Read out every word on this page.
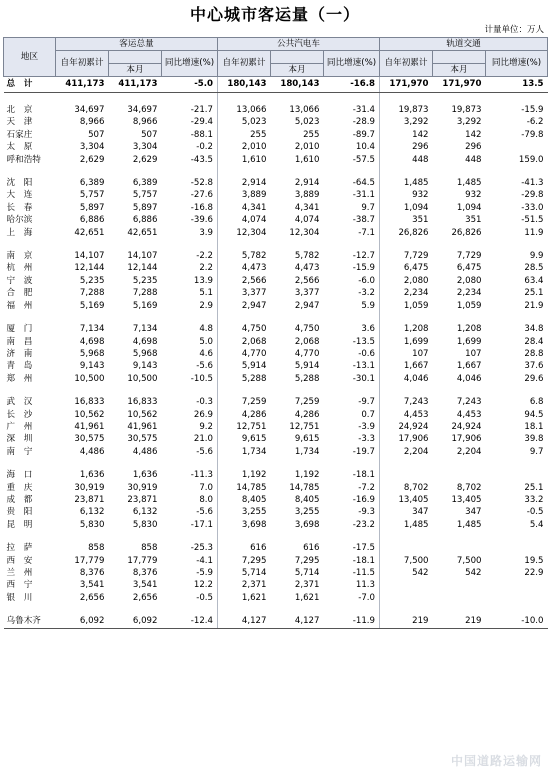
中心城市客运量（一）
计量单位：万人
地区	客运总量			公共汽电车			轨道交通		
	自年初累计		同比增速(%)	自年初累计		同比增速(%)	自年初累计		同比增速(%)
		本月			本月			本月	
总　计	411,173	411,173	-5.0	180,143	180,143	-16.8	171,970	171,970	13.5

北　京	34,697	34,697	-21.7	13,066	13,066	-31.4	19,873	19,873	-15.9
天　津	8,966	8,966	-29.4	5,023	5,023	-28.9	3,292	3,292	-6.2
石家庄	507	507	-88.1	255	255	-89.7	142	142	-79.8
太　原	3,304	3,304	-0.2	2,010	2,010	10.4	296	296	
呼和浩特	2,629	2,629	-43.5	1,610	1,610	-57.5	448	448	159.0

沈　阳	6,389	6,389	-52.8	2,914	2,914	-64.5	1,485	1,485	-41.3
大　连	5,757	5,757	-27.6	3,889	3,889	-31.1	932	932	-29.8
长　春	5,897	5,897	-16.8	4,341	4,341	9.7	1,094	1,094	-33.0
哈尔滨	6,886	6,886	-39.6	4,074	4,074	-38.7	351	351	-51.5
上　海	42,651	42,651	3.9	12,304	12,304	-7.1	26,826	26,826	11.9

南　京	14,107	14,107	-2.2	5,782	5,782	-12.7	7,729	7,729	9.9
杭　州	12,144	12,144	2.2	4,473	4,473	-15.9	6,475	6,475	28.5
宁　波	5,235	5,235	13.9	2,566	2,566	-6.0	2,080	2,080	63.4
合　肥	7,288	7,288	5.1	3,377	3,377	-3.2	2,234	2,234	25.1
福　州	5,169	5,169	2.9	2,947	2,947	5.9	1,059	1,059	21.9

厦　门	7,134	7,134	4.8	4,750	4,750	3.6	1,208	1,208	34.8
南　昌	4,698	4,698	5.0	2,068	2,068	-13.5	1,699	1,699	28.4
济　南	5,968	5,968	4.6	4,770	4,770	-0.6	107	107	28.8
青　岛	9,143	9,143	-5.6	5,914	5,914	-13.1	1,667	1,667	37.6
郑　州	10,500	10,500	-10.5	5,288	5,288	-30.1	4,046	4,046	29.6

武　汉	16,833	16,833	-0.3	7,259	7,259	-9.7	7,243	7,243	6.8
长　沙	10,562	10,562	26.9	4,286	4,286	0.7	4,453	4,453	94.5
广　州	41,961	41,961	9.2	12,751	12,751	-3.9	24,924	24,924	18.1
深　圳	30,575	30,575	21.0	9,615	9,615	-3.3	17,906	17,906	39.8
南　宁	4,486	4,486	-5.6	1,734	1,734	-19.7	2,204	2,204	9.7

海　口	1,636	1,636	-11.3	1,192	1,192	-18.1			
重　庆	30,919	30,919	7.0	14,785	14,785	-7.2	8,702	8,702	25.1
成　都	23,871	23,871	8.0	8,405	8,405	-16.9	13,405	13,405	33.2
贵　阳	6,132	6,132	-5.6	3,255	3,255	-9.3	347	347	-0.5
昆　明	5,830	5,830	-17.1	3,698	3,698	-23.2	1,485	1,485	5.4

拉　萨	858	858	-25.3	616	616	-17.5			
西　安	17,779	17,779	-4.1	7,295	7,295	-18.1	7,500	7,500	19.5
兰　州	8,376	8,376	-5.9	5,714	5,714	-11.5	542	542	22.9
西　宁	3,541	3,541	12.2	2,371	2,371	11.3			
银　川	2,656	2,656	-0.5	1,621	1,621	-7.0			

乌鲁木齐	6,092	6,092	-12.4	4,127	4,127	-11.9	219	219	-10.0
中国道路运输网
